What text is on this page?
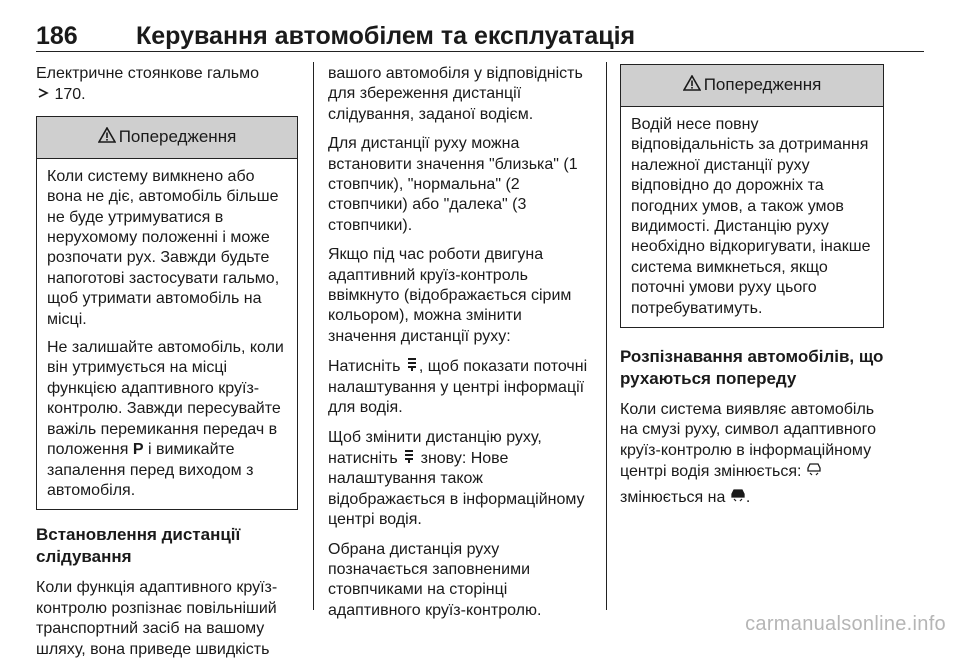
186 Керування автомобілем та експлуатація

Електричне стоянкове гальмо
170.

Попередження

Коли систему вимкнено або вона не діє, автомобіль більше не буде утримуватися в нерухомому положенні і може розпочати рух. Завжди будьте напоготові застосувати гальмо, щоб утримати автомобіль на місці.

Не залишайте автомобіль, коли він утримується на місці функцією адаптивного круїз-контролю. Завжди пересувайте важіль перемикання передач в положення P і вимикайте запалення перед виходом з автомобіля.

Встановлення дистанції слідування

Коли функція адаптивного круїз-контролю розпізнає повільніший транспортний засіб на вашому шляху, вона приведе швидкість

вашого автомобіля у відповідність для збереження дистанції слідування, заданої водієм.

Для дистанції руху можна встановити значення "близька" (1 стовпчик), "нормальна" (2 стовпчики) або "далека" (3 стовпчики).

Якщо під час роботи двигуна адаптивний круїз-контроль ввімкнуто (відображається сірим кольором), можна змінити значення дистанції руху:

Натисніть , щоб показати поточні налаштування у центрі інформації для водія.

Щоб змінити дистанцію руху, натисніть  знову: Нове налаштування також відображається в інформаційному центрі водія.

Обрана дистанція руху позначається заповненими стовпчиками на сторінці адаптивного круїз-контролю.

Попередження

Водій несе повну відповідальність за дотримання належної дистанції руху відповідно до дорожніх та погодних умов, а також умов видимості. Дистанцію руху необхідно відкоригувати, інакше система вимкнеться, якщо поточні умови руху цього потребуватимуть.

Розпізнавання автомобілів, що рухаються попереду

Коли система виявляє автомобіль на смузі руху, символ адаптивного круїз-контролю в інформаційному центрі водія змінюється:

змінюється на .

carmanualsonline.info
